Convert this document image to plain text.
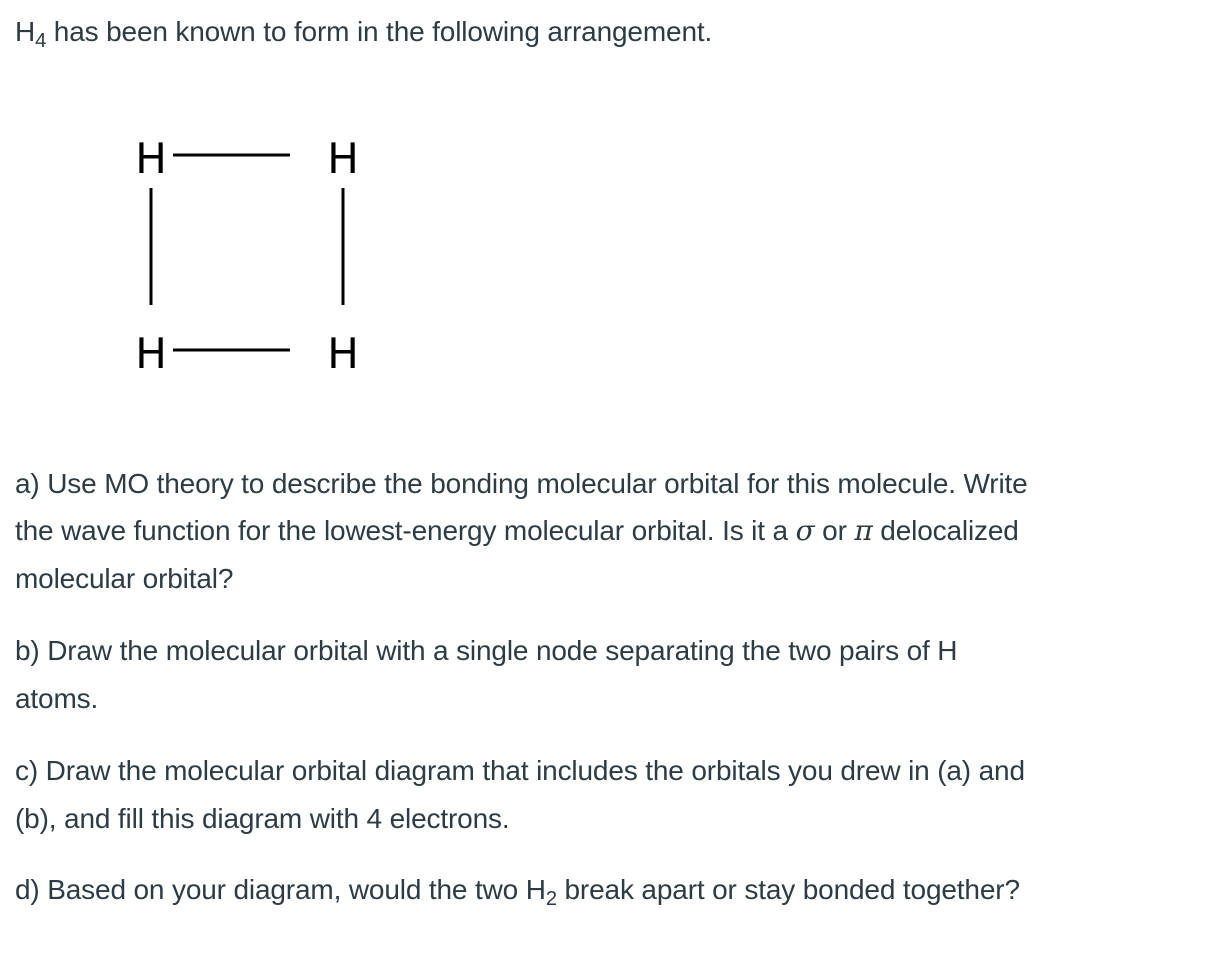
$H_4$ has been known to form in the following arrangement.
H	H
H	H
a) Use MO theory to describe the bonding molecular orbital for this molecule. Write
the wave function for the lowest-energy molecular orbital. Is it a σ or π delocalized
molecular orbital?
b) Draw the molecular orbital with a single node separating the two pairs of H
atoms.
c) Draw the molecular orbital diagram that includes the orbitals you drew in (a) and
(b), and fill this diagram with 4 electrons.
d) Based on your diagram, would the two $H_2$ break apart or stay bonded together?
